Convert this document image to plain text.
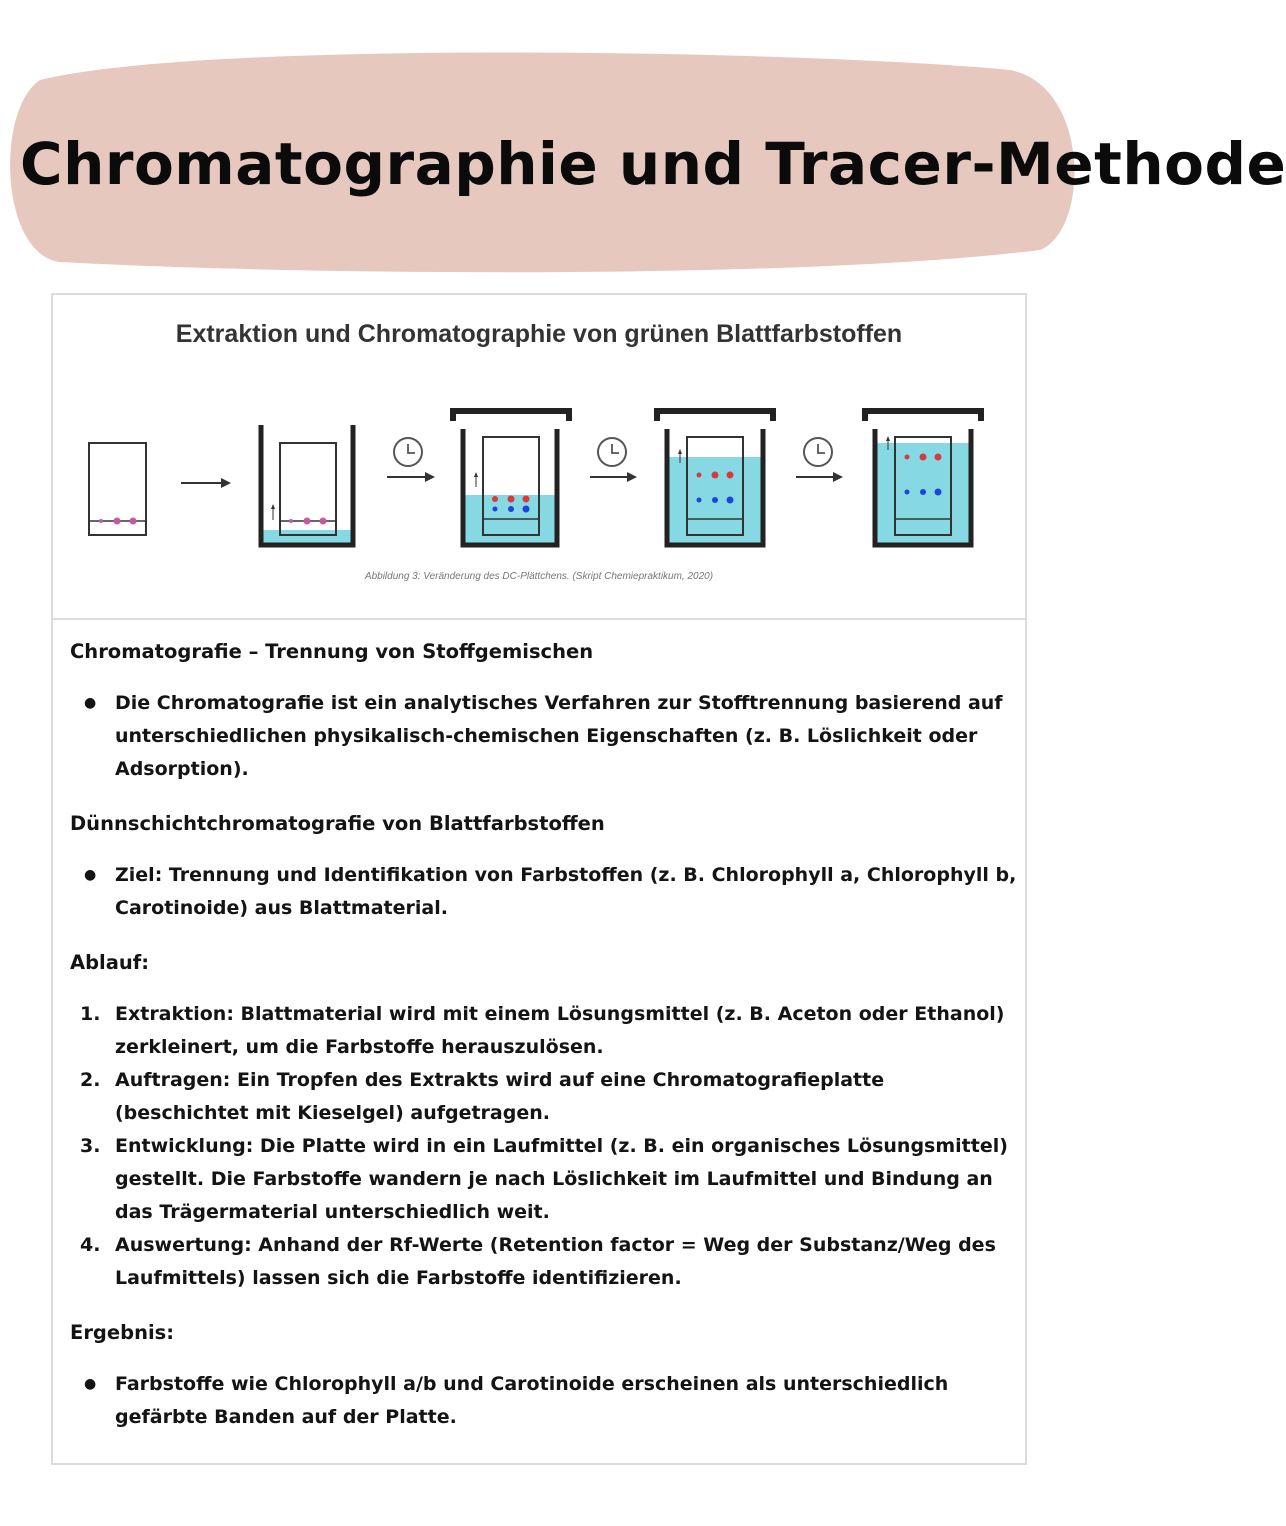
Chromatographie und Tracer-Methode
Extraktion und Chromatographie von grünen Blattfarbstoffen
Abbildung 3: Veränderung des DC-Plättchens. (Skript Chemiepraktikum, 2020)

Chromatografie – Trennung von Stoffgemischen

● Die Chromatografie ist ein analytisches Verfahren zur Stofftrennung basierend auf unterschiedlichen physikalisch-chemischen Eigenschaften (z. B. Löslichkeit oder Adsorption).

Dünnschichtchromatografie von Blattfarbstoffen

● Ziel: Trennung und Identifikation von Farbstoffen (z. B. Chlorophyll a, Chlorophyll b, Carotinoide) aus Blattmaterial.

Ablauf:

1. Extraktion: Blattmaterial wird mit einem Lösungsmittel (z. B. Aceton oder Ethanol) zerkleinert, um die Farbstoffe herauszulösen.
2. Auftragen: Ein Tropfen des Extrakts wird auf eine Chromatografieplatte (beschichtet mit Kieselgel) aufgetragen.
3. Entwicklung: Die Platte wird in ein Laufmittel (z. B. ein organisches Lösungsmittel) gestellt. Die Farbstoffe wandern je nach Löslichkeit im Laufmittel und Bindung an das Trägermaterial unterschiedlich weit.
4. Auswertung: Anhand der Rf-Werte (Retention factor = Weg der Substanz/Weg des Laufmittels) lassen sich die Farbstoffe identifizieren.

Ergebnis:

● Farbstoffe wie Chlorophyll a/b und Carotinoide erscheinen als unterschiedlich gefärbte Banden auf der Platte.
